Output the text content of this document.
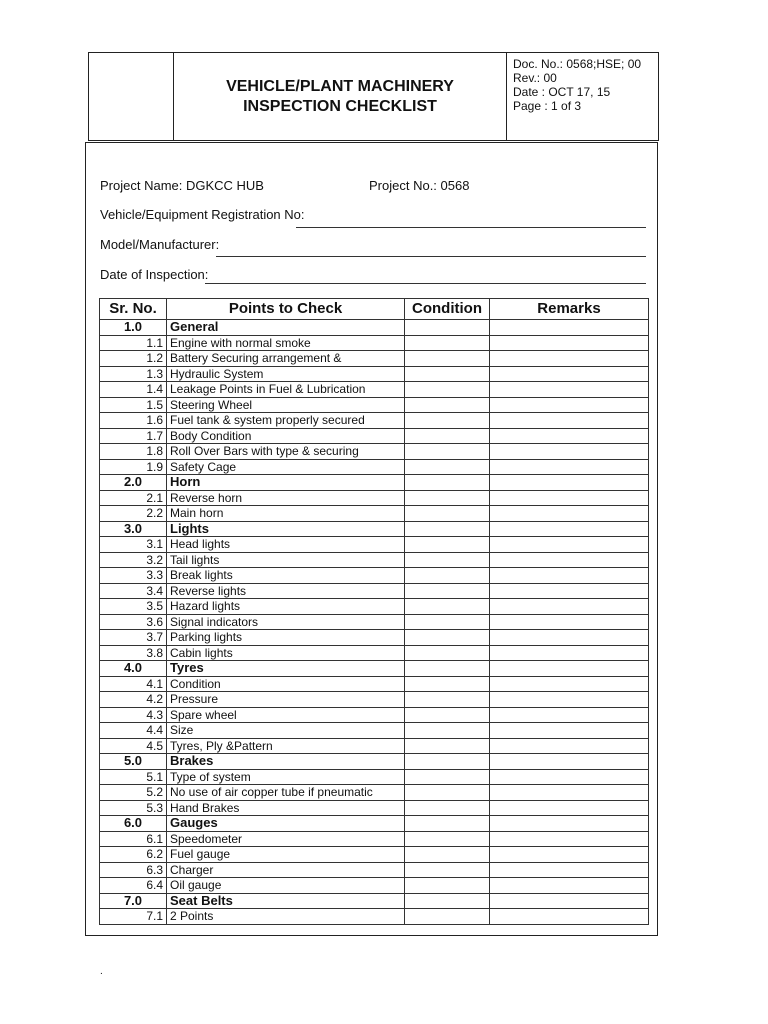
VEHICLE/PLANT MACHINERY
INSPECTION CHECKLIST
Doc. No.: 0568;HSE; 00
Rev.: 00
Date : OCT 17, 15
Page : 1 of 3
Project Name: DGKCC HUB	Project No.: 0568
Vehicle/Equipment Registration No:
Model/Manufacturer:
Date of Inspection:
Sr. No.	Points to Check	Condition	Remarks
1.0	General		
1.1	Engine with normal smoke		
1.2	Battery Securing arrangement &		
1.3	Hydraulic System		
1.4	Leakage Points in Fuel & Lubrication		
1.5	Steering Wheel		
1.6	Fuel tank & system properly secured		
1.7	Body Condition		
1.8	Roll Over Bars with type & securing		
1.9	Safety Cage		
2.0	Horn		
2.1	Reverse horn		
2.2	Main horn		
3.0	Lights		
3.1	Head lights		
3.2	Tail lights		
3.3	Break lights		
3.4	Reverse lights		
3.5	Hazard lights		
3.6	Signal indicators		
3.7	Parking lights		
3.8	Cabin lights		
4.0	Tyres		
4.1	Condition		
4.2	Pressure		
4.3	Spare wheel		
4.4	Size		
4.5	Tyres, Ply &Pattern		
5.0	Brakes		
5.1	Type of system		
5.2	No use of air copper tube if pneumatic		
5.3	Hand Brakes		
6.0	Gauges		
6.1	Speedometer		
6.2	Fuel gauge		
6.3	Charger		
6.4	Oil gauge		
7.0	Seat Belts		
7.1	2 Points		
.
